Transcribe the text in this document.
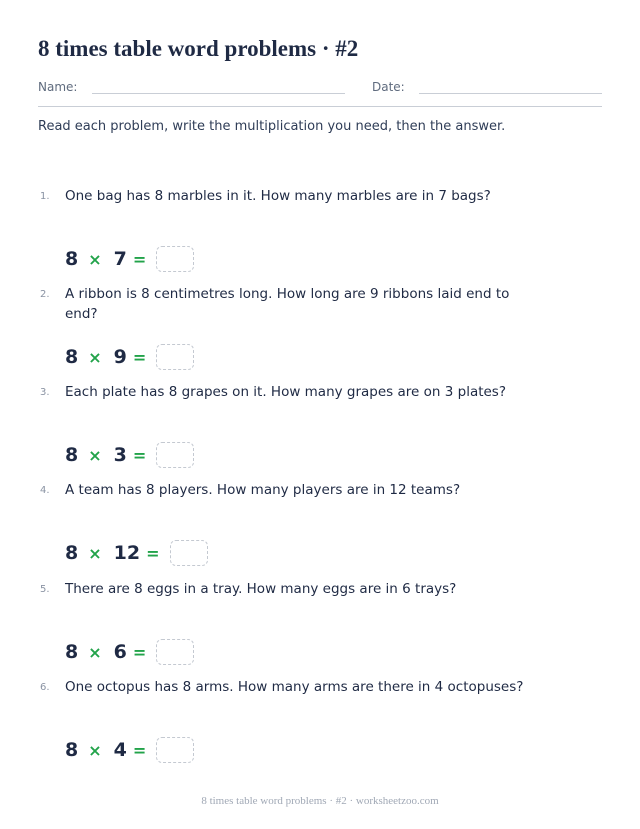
8 times table word problems · #2
Name:	Date:
Read each problem, write the multiplication you need, then the answer.
1. One bag has 8 marbles in it. How many marbles are in 7 bags?
8 × 7 =
2. A ribbon is 8 centimetres long. How long are 9 ribbons laid end to end?
8 × 9 =
3. Each plate has 8 grapes on it. How many grapes are on 3 plates?
8 × 3 =
4. A team has 8 players. How many players are in 12 teams?
8 × 12 =
5. There are 8 eggs in a tray. How many eggs are in 6 trays?
8 × 6 =
6. One octopus has 8 arms. How many arms are there in 4 octopuses?
8 × 4 =
8 times table word problems · #2 · worksheetzoo.com
